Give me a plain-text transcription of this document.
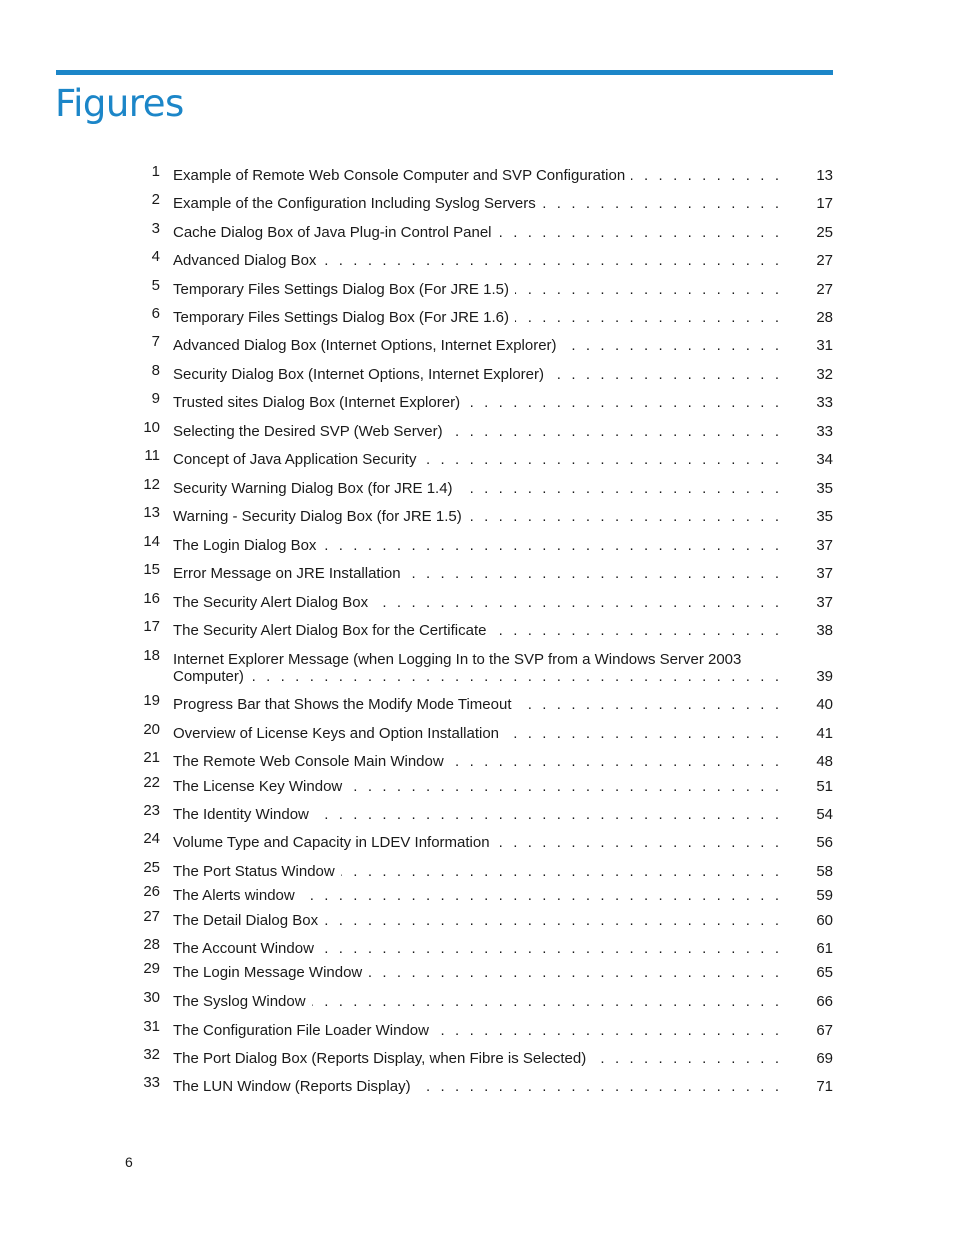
Figures
1 Example of Remote Web Console Computer and SVP Configuration . . .	13
2 Example of the Configuration Including Syslog Servers . . .	17
3 Cache Dialog Box of Java Plug-in Control Panel . . .	25
4 Advanced Dialog Box . . .	27
5 Temporary Files Settings Dialog Box (For JRE 1.5) . . .	27
6 Temporary Files Settings Dialog Box (For JRE 1.6) . . .	28
7 Advanced Dialog Box (Internet Options, Internet Explorer) . . .	31
8 Security Dialog Box (Internet Options, Internet Explorer) . . .	32
9 Trusted sites Dialog Box (Internet Explorer) . . .	33
10 Selecting the Desired SVP (Web Server) . . .	33
11 Concept of Java Application Security . . .	34
12 Security Warning Dialog Box (for JRE 1.4) . . .	35
13 Warning - Security Dialog Box (for JRE 1.5) . . .	35
14 The Login Dialog Box . . .	37
15 Error Message on JRE Installation . . .	37
16 The Security Alert Dialog Box . . .	37
17 The Security Alert Dialog Box for the Certificate . . .	38
18 Internet Explorer Message (when Logging In to the SVP from a Windows Server 2003
Computer) . . .	39
19 Progress Bar that Shows the Modify Mode Timeout . . .	40
20 Overview of License Keys and Option Installation . . .	41
21 The Remote Web Console Main Window . . .	48
22 The License Key Window . . .	51
23 The Identity Window . . .	54
24 Volume Type and Capacity in LDEV Information . . .	56
25 The Port Status Window . . .	58
26 The Alerts window . . .	59
27 The Detail Dialog Box . . .	60
28 The Account Window . . .	61
29 The Login Message Window . . .	65
30 The Syslog Window . . .	66
31 The Configuration File Loader Window . . .	67
32 The Port Dialog Box (Reports Display, when Fibre is Selected) . . .	69
33 The LUN Window (Reports Display) . . .	71
6
